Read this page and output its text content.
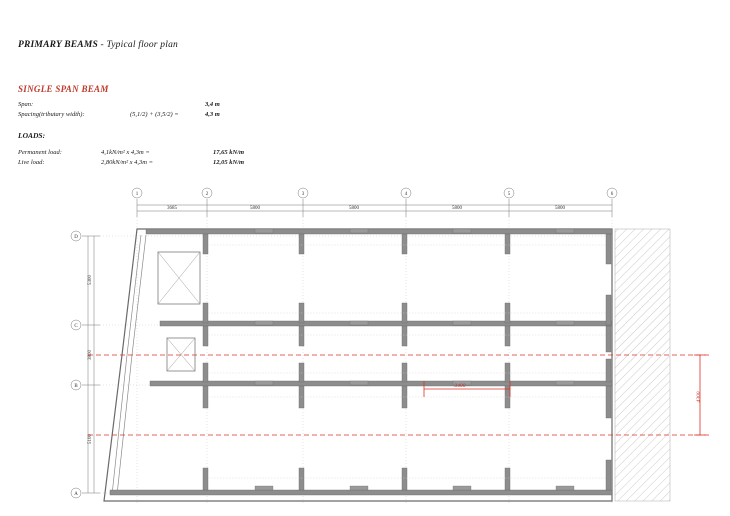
PRIMARY BEAMS - Typical floor plan
SINGLE SPAN BEAM
Span:	3,4 m
Spacing(tributary width):	(5,1/2) + (3,5/2) =	4,3 m
LOADS:
Permanent load:	4,1kN/m² x 4,3m =	17,65 kN/m
Live load:	2,80kN/m² x 4,3m =	12,05 kN/m
3685	5800	5800	5800	5800
1	2	3	4	5	6
5300
3800
5100
D
C
B
A
3400
4300
